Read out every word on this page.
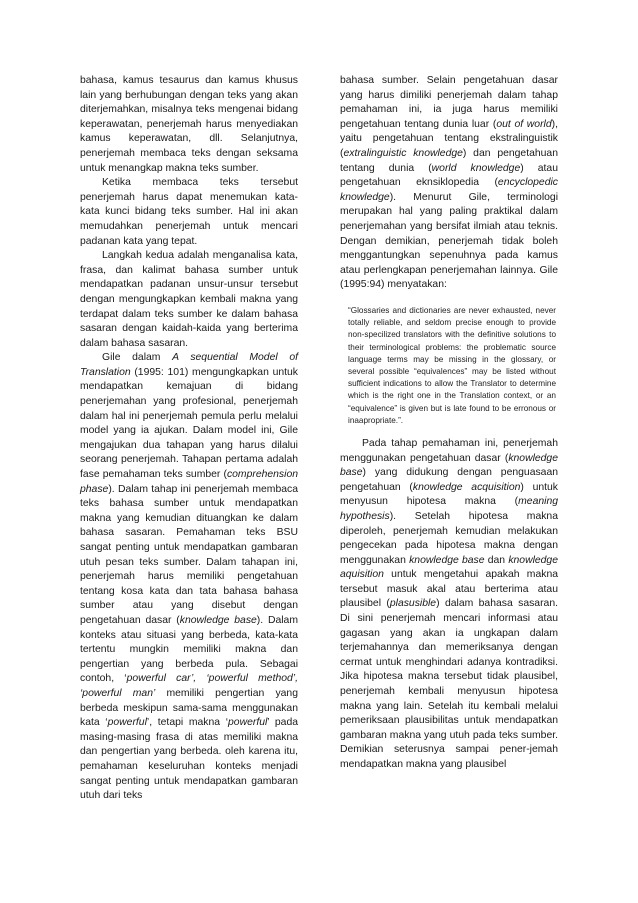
bahasa, kamus tesaurus dan kamus khusus lain yang berhubungan dengan teks yang akan diterjemahkan, misalnya teks mengenai bidang keperawatan, penerjemah harus menyediakan kamus keperawatan, dll. Selanjutnya, penerjemah membaca teks dengan seksama untuk menangkap makna teks sumber.

Ketika membaca teks tersebut penerjemah harus dapat menemukan kata-kata kunci bidang teks sumber. Hal ini akan memudahkan penerjemah untuk mencari padanan kata yang tepat.

Langkah kedua adalah menganalisa kata, frasa, dan kalimat bahasa sumber untuk mendapatkan padanan unsur-unsur tersebut dengan mengungkapkan kembali makna yang terdapat dalam teks sumber ke dalam bahasa sasaran dengan kaidah-kaida yang berterima dalam bahasa sasaran.

Gile dalam A sequential Model of Translation (1995: 101) mengungkapkan untuk mendapatkan kemajuan di bidang penerjemahan yang profesional, penerjemah dalam hal ini penerjemah pemula perlu melalui model yang ia ajukan. Dalam model ini, Gile mengajukan dua tahapan yang harus dilalui seorang penerjemah. Tahapan pertama adalah fase pemahaman teks sumber (comprehension phase). Dalam tahap ini penerjemah membaca teks bahasa sumber untuk mendapatkan makna yang kemudian dituangkan ke dalam bahasa sasaran. Pemahaman teks BSU sangat penting untuk mendapatkan gambaran utuh pesan teks sumber. Dalam tahapan ini, penerjemah harus memiliki pengetahuan tentang kosa kata dan tata bahasa bahasa sumber atau yang disebut dengan pengetahuan dasar (knowledge base). Dalam konteks atau situasi yang berbeda, kata-kata tertentu mungkin memiliki makna dan pengertian yang berbeda pula. Sebagai contoh, ‘powerful car’, ‘powerful method’, ‘powerful man’ memiliki pengertian yang berbeda meskipun sama-sama menggunakan kata ‘powerful’, tetapi makna ‘powerful’ pada masing-masing frasa di atas memiliki makna dan pengertian yang berbeda. oleh karena itu, pemahaman keseluruhan konteks menjadi sangat penting untuk mendapatkan gambaran utuh dari teks

bahasa sumber. Selain pengetahuan dasar yang harus dimiliki penerjemah dalam tahap pemahaman ini, ia juga harus memiliki pengetahuan tentang dunia luar (out of world), yaitu pengetahuan tentang ekstralinguistik (extralinguistic knowledge) dan pengetahuan tentang dunia (world knowledge) atau pengetahuan eknsiklopedia (encyclopedic knowledge). Menurut Gile, terminologi merupakan hal yang paling praktikal dalam penerjemahan yang bersifat ilmiah atau teknis. Dengan demikian, penerjemah tidak boleh menggantungkan sepenuhnya pada kamus atau perlengkapan penerjemahan lainnya. Gile (1995:94) menyatakan:

“Glossaries and dictionaries are never exhausted, never totally reliable, and seldom precise enough to provide non-specilized translators with the definitive solutions to their terminological problems: the problematic source language terms may be missing in the glossary, or several possible “equivalences” may be listed without sufficient indications to allow the Translator to determine which is the right one in the Translation context, or an “equivalence” is given but is late found to be erronous or inaapropriate.”.

Pada tahap pemahaman ini, penerjemah menggunakan pengetahuan dasar (knowledge base) yang didukung dengan penguasaan pengetahuan (knowledge acquisition) untuk menyusun hipotesa makna (meaning hypothesis). Setelah hipotesa makna diperoleh, penerjemah kemudian melakukan pengecekan pada hipotesa makna dengan menggunakan knowledge base dan knowledge aquisition untuk mengetahui apakah makna tersebut masuk akal atau berterima atau plausibel (plasusible) dalam bahasa sasaran. Di sini penerjemah mencari informasi atau gagasan yang akan ia ungkapan dalam terjemahannya dan memeriksanya dengan cermat untuk menghindari adanya kontradiksi. Jika hipotesa makna tersebut tidak plausibel, penerjemah kembali menyusun hipotesa makna yang lain. Setelah itu kembali melalui pemeriksaan plausibilitas untuk mendapatkan gambaran makna yang utuh pada teks sumber. Demikian seterusnya sampai pener-jemah mendapatkan makna yang plausibel
